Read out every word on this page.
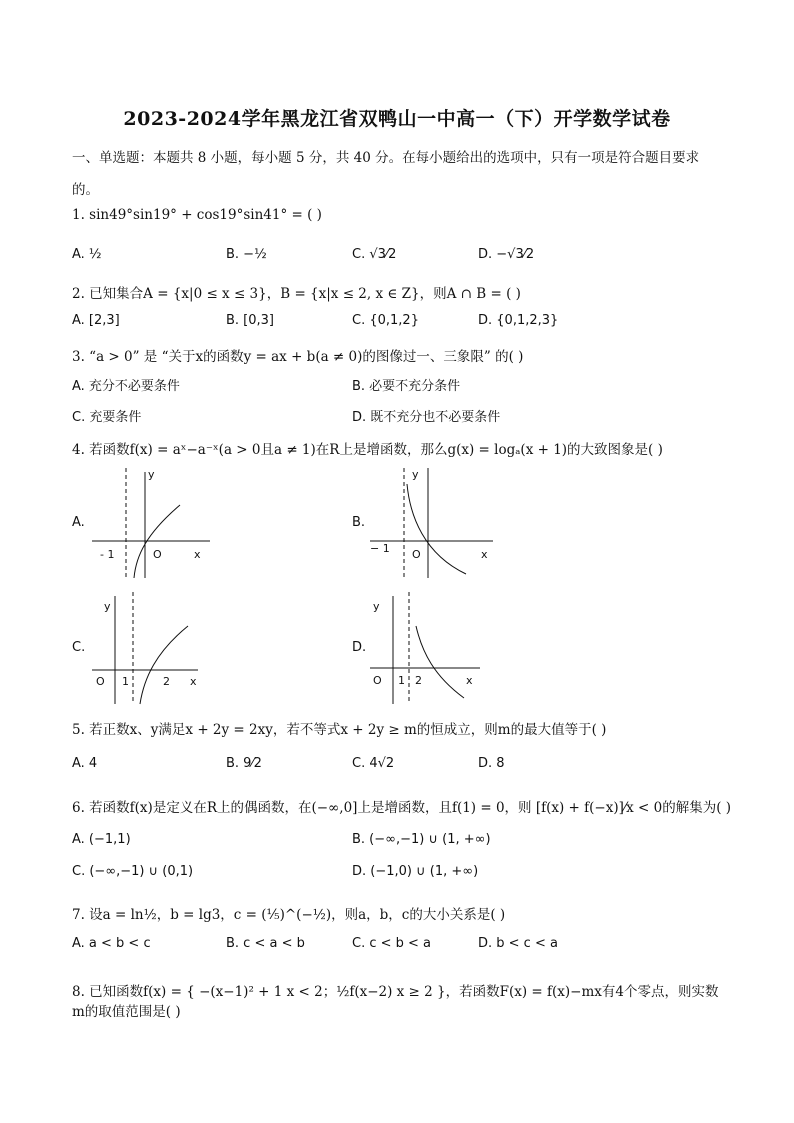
2023-2024学年黑龙江省双鸭山一中高一（下）开学数学试卷
一、单选题：本题共 8 小题，每小题 5 分，共 40 分。在每小题给出的选项中，只有一项是符合题目要求
的。
1. sin49°sin19° + cos19°sin41° = ( )
A. ½	B. −½	C. √3⁄2	D. −√3⁄2
2. 已知集合A = {x|0 ≤ x ≤ 3}，B = {x|x ≤ 2, x ∈ Z}，则A ∩ B = ( )
A. [2,3]	B. [0,3]	C. {0,1,2}	D. {0,1,2,3}
3. “a > 0” 是 “关于x的函数y = ax + b(a ≠ 0)的图像过一、三象限” 的( )
A. 充分不必要条件	B. 必要不充分条件
C. 充要条件	D. 既不充分也不必要条件
4. 若函数f(x) = aˣ−a⁻ˣ(a > 0且a ≠ 1)在R上是增函数，那么g(x) = logₐ(x + 1)的大致图象是( )
A.
y
x
O
- 1
B.
y
x
O
− 1
C.
y
x
O 1	2
D.
y
x
O 1 2
5. 若正数x、y满足x + 2y = 2xy，若不等式x + 2y ≥ m的恒成立，则m的最大值等于( )
A. 4	B. 9⁄2	C. 4√2	D. 8
6. 若函数f(x)是定义在R上的偶函数，在(−∞,0]上是增函数，且f(1) = 0，则 [f(x) + f(−x)]⁄x < 0的解集为( )
A. (−1,1)	B. (−∞,−1) ∪ (1, +∞)
C. (−∞,−1) ∪ (0,1)	D. (−1,0) ∪ (1, +∞)
7. 设a = ln½，b = lg3，c = (⅕)^(−½)，则a，b，c的大小关系是( )
A. a < b < c	B. c < a < b	C. c < b < a	D. b < c < a
8. 已知函数f(x) = { −(x−1)² + 1 x < 2；½f(x−2) x ≥ 2 }，若函数F(x) = f(x)−mx有4个零点，则实数m的取值范围是( )
